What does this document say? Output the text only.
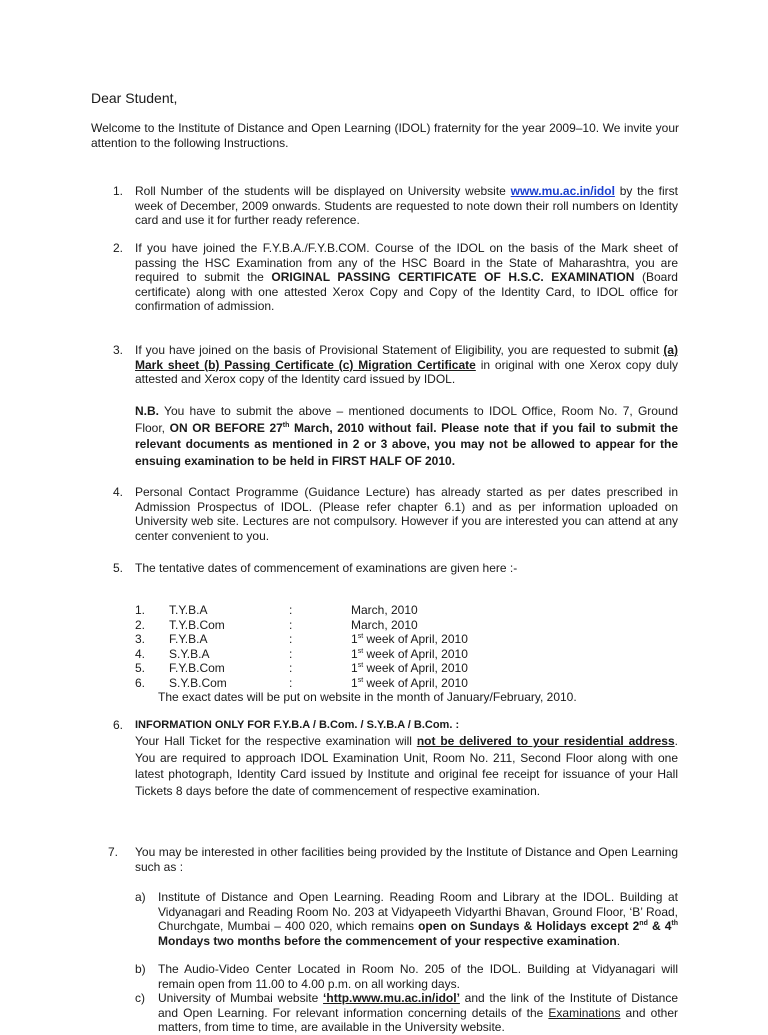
Dear Student,
Welcome to the Institute of Distance and Open Learning (IDOL) fraternity for the year 2009–10. We invite your attention to the following Instructions.
1. Roll Number of the students will be displayed on University website www.mu.ac.in/idol by the first week of December, 2009 onwards. Students are requested to note down their roll numbers on Identity card and use it for further ready reference.
2. If you have joined the F.Y.B.A./F.Y.B.COM. Course of the IDOL on the basis of the Mark sheet of passing the HSC Examination from any of the HSC Board in the State of Maharashtra, you are required to submit the ORIGINAL PASSING CERTIFICATE OF H.S.C. EXAMINATION (Board certificate) along with one attested Xerox Copy and Copy of the Identity Card, to IDOL office for confirmation of admission.
3. If you have joined on the basis of Provisional Statement of Eligibility, you are requested to submit (a) Mark sheet (b) Passing Certificate (c) Migration Certificate in original with one Xerox copy duly attested and Xerox copy of the Identity card issued by IDOL.
N.B. You have to submit the above – mentioned documents to IDOL Office, Room No. 7, Ground Floor, ON OR BEFORE 27th March, 2010 without fail. Please note that if you fail to submit the relevant documents as mentioned in 2 or 3 above, you may not be allowed to appear for the ensuing examination to be held in FIRST HALF OF 2010.
4. Personal Contact Programme (Guidance Lecture) has already started as per dates prescribed in Admission Prospectus of IDOL. (Please refer chapter 6.1) and as per information uploaded on University web site. Lectures are not compulsory. However if you are interested you can attend at any center convenient to you.
5. The tentative dates of commencement of examinations are given here :-
1.	T.Y.B.A	:	March, 2010
2.	T.Y.B.Com	:	March, 2010
3.	F.Y.B.A	:	1st week of April, 2010
4.	S.Y.B.A	:	1st week of April, 2010
5.	F.Y.B.Com	:	1st week of April, 2010
6.	S.Y.B.Com	:	1st week of April, 2010
The exact dates will be put on website in the month of January/February, 2010.
6. INFORMATION ONLY FOR F.Y.B.A / B.Com. / S.Y.B.A / B.Com. :
Your Hall Ticket for the respective examination will not be delivered to your residential address. You are required to approach IDOL Examination Unit, Room No. 211, Second Floor along with one latest photograph, Identity Card issued by Institute and original fee receipt for issuance of your Hall Tickets 8 days before the date of commencement of respective examination.
7. You may be interested in other facilities being provided by the Institute of Distance and Open Learning such as :
a) Institute of Distance and Open Learning. Reading Room and Library at the IDOL. Building at Vidyanagari and Reading Room No. 203 at Vidyapeeth Vidyarthi Bhavan, Ground Floor, ‘B’ Road, Churchgate, Mumbai – 400 020, which remains open on Sundays & Holidays except 2nd & 4th Mondays two months before the commencement of your respective examination.
b) The Audio-Video Center Located in Room No. 205 of the IDOL. Building at Vidyanagari will remain open from 11.00 to 4.00 p.m. on all working days.
c) University of Mumbai website ‘http.www.mu.ac.in/idol’ and the link of the Institute of Distance and Open Learning. For relevant information concerning details of the Examinations and other matters, from time to time, are available in the University website.
